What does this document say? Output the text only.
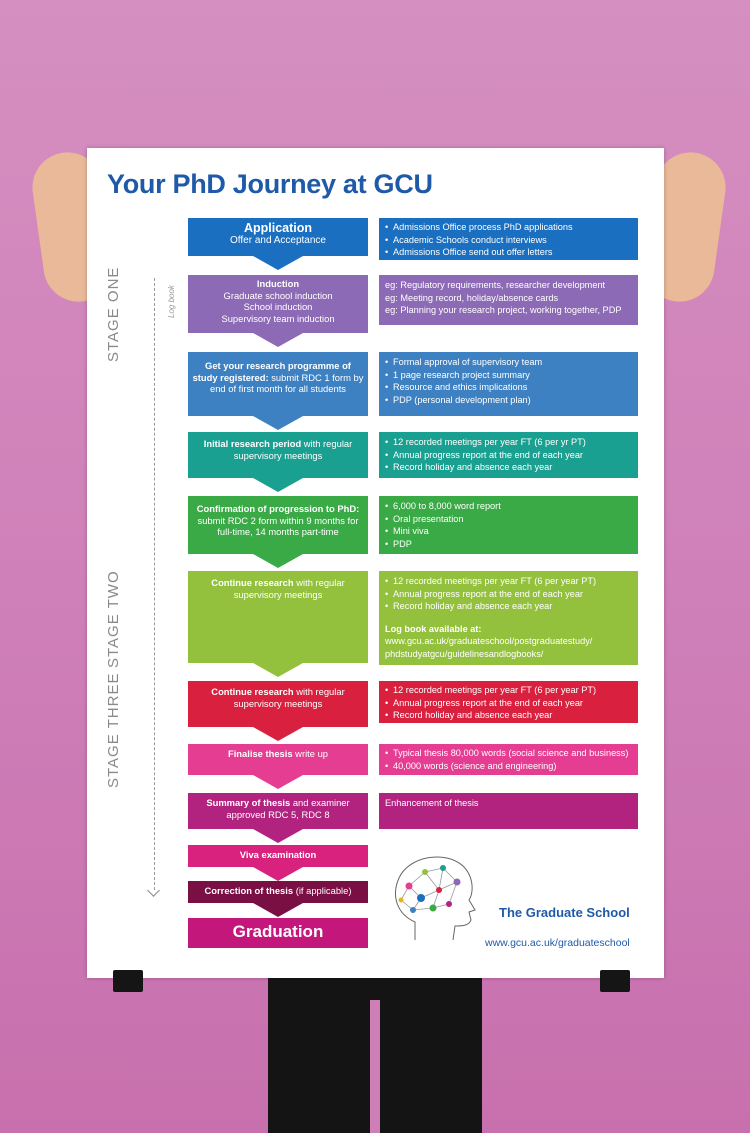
Your PhD Journey at GCU
STAGE ONE
STAGE TWO
STAGE THREE
Log book
Application
Offer and Acceptance
Induction
Graduate school induction
School induction
Supervisory team induction
Get your research programme of study registered: submit RDC 1 form by end of first month for all students
Initial research period with regular supervisory meetings
Confirmation of progression to PhD: submit RDC 2 form within 9 months for full-time, 14 months part-time
Continue research with regular supervisory meetings
Continue research with regular supervisory meetings
Finalise thesis write up
Summary of thesis and examiner approved RDC 5, RDC 8
Viva examination
Correction of thesis (if applicable)
Graduation
• Admissions Office process PhD applications
• Academic Schools conduct interviews
• Admissions Office send out offer letters

eg: Regulatory requirements, researcher development

eg: Meeting record, holiday/absence cards

eg: Planning your research project, working together, PDP

• Formal approval of supervisory team
• 1 page research project summary
• Resource and ethics implications
• PDP (personal development plan)
• 12 recorded meetings per year FT (6 per yr PT)
• Annual progress report at the end of each year
• Record holiday and absence each year
• 6,000 to 8,000 word report
• Oral presentation
• Mini viva
• PDP
• 12 recorded meetings per year FT (6 per year PT)
• Annual progress report at the end of each year
• Record holiday and absence each year

Log book available at:

www.gcu.ac.uk/graduateschool/postgraduatestudy/ phdstudyatgcu/guidelinesandlogbooks/

• 12 recorded meetings per year FT (6 per year PT)
• Annual progress report at the end of each year
• Record holiday and absence each year
• Typical thesis 80,000 words (social science and business)
• 40,000 words (science and engineering)

Enhancement of thesis

The Graduate School
www.gcu.ac.uk/graduateschool
